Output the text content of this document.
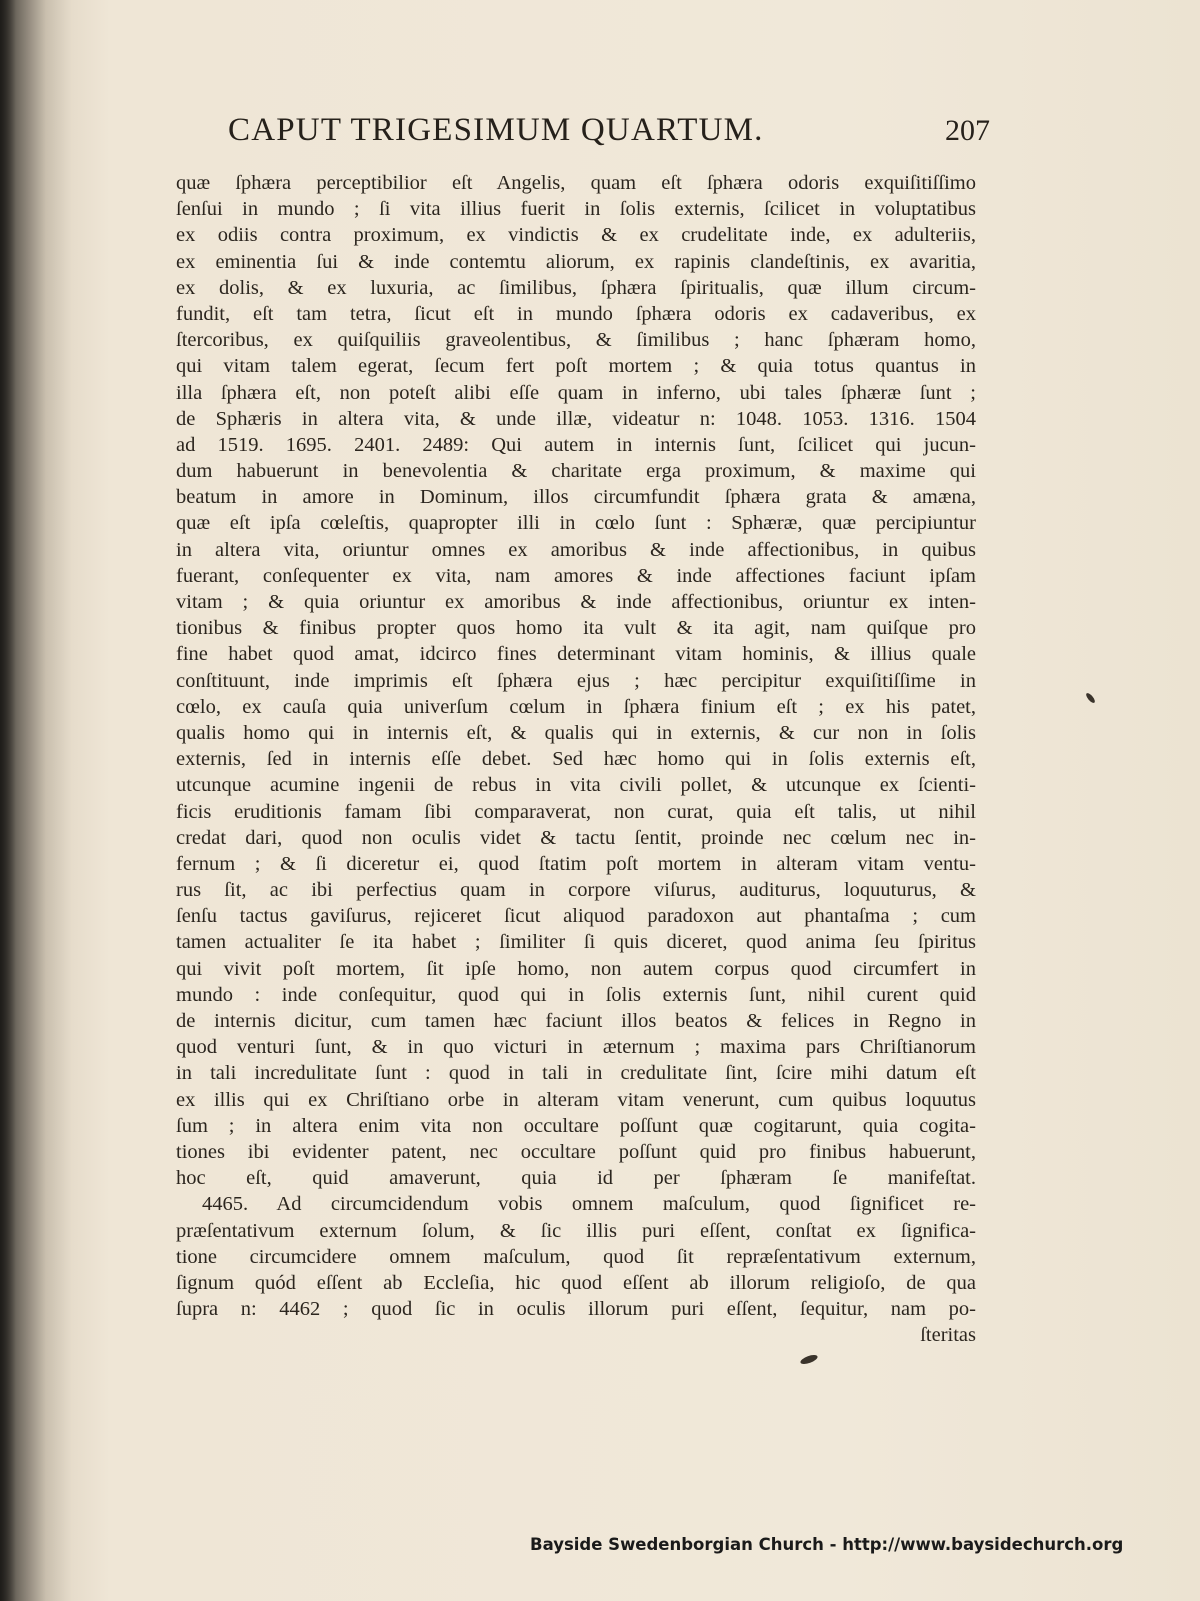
CAPUT TRIGESIMUM QUARTUM.	207
quæ ſphæra perceptibilior eſt Angelis, quam eſt ſphæra odoris exquiſitiſſimo
ſenſui in mundo ; ſi vita illius fuerit in ſolis externis, ſcilicet in voluptatibus
ex odiis contra proximum, ex vindictis & ex crudelitate inde, ex adulteriis,
ex eminentia ſui & inde contemtu aliorum, ex rapinis clandeſtinis, ex avaritia,
ex dolis, & ex luxuria, ac ſimilibus, ſphæra ſpiritualis, quæ illum circum-
fundit, eſt tam tetra, ſicut eſt in mundo ſphæra odoris ex cadaveribus, ex
ſtercoribus, ex quiſquiliis graveolentibus, & ſimilibus ; hanc ſphæram homo,
qui vitam talem egerat, ſecum fert poſt mortem ; & quia totus quantus in
illa ſphæra eſt, non poteſt alibi eſſe quam in inferno, ubi tales ſphæræ ſunt ;
de Sphæris in altera vita, & unde illæ, videatur n: 1048. 1053. 1316. 1504
ad 1519. 1695. 2401. 2489: Qui autem in internis ſunt, ſcilicet qui jucun-
dum habuerunt in benevolentia & charitate erga proximum, & maxime qui
beatum in amore in Dominum, illos circumfundit ſphæra grata & amæna,
quæ eſt ipſa cœleſtis, quapropter illi in cœlo ſunt : Sphæræ, quæ percipiuntur
in altera vita, oriuntur omnes ex amoribus & inde affectionibus, in quibus
fuerant, conſequenter ex vita, nam amores & inde affectiones faciunt ipſam
vitam ; & quia oriuntur ex amoribus & inde affectionibus, oriuntur ex inten-
tionibus & finibus propter quos homo ita vult & ita agit, nam quiſque pro
fine habet quod amat, idcirco fines determinant vitam hominis, & illius quale
conſtituunt, inde imprimis eſt ſphæra ejus ; hæc percipitur exquiſitiſſime in
cœlo, ex cauſa quia univerſum cœlum in ſphæra finium eſt ; ex his patet,
qualis homo qui in internis eſt, & qualis qui in externis, & cur non in ſolis
externis, ſed in internis eſſe debet. Sed hæc homo qui in ſolis externis eſt,
utcunque acumine ingenii de rebus in vita civili pollet, & utcunque ex ſcienti-
ficis eruditionis famam ſibi comparaverat, non curat, quia eſt talis, ut nihil
credat dari, quod non oculis videt & tactu ſentit, proinde nec cœlum nec in-
fernum ; & ſi diceretur ei, quod ſtatim poſt mortem in alteram vitam ventu-
rus ſit, ac ibi perfectius quam in corpore viſurus, auditurus, loquuturus, &
ſenſu tactus gaviſurus, rejiceret ſicut aliquod paradoxon aut phantaſma ; cum
tamen actualiter ſe ita habet ; ſimiliter ſi quis diceret, quod anima ſeu ſpiritus
qui vivit poſt mortem, ſit ipſe homo, non autem corpus quod circumfert in
mundo : inde conſequitur, quod qui in ſolis externis ſunt, nihil curent quid
de internis dicitur, cum tamen hæc faciunt illos beatos & felices in Regno in
quod venturi ſunt, & in quo victuri in æternum ; maxima pars Chriſtianorum
in tali incredulitate ſunt : quod in tali in credulitate ſint, ſcire mihi datum eſt
ex illis qui ex Chriſtiano orbe in alteram vitam venerunt, cum quibus loquutus
ſum ; in altera enim vita non occultare poſſunt quæ cogitarunt, quia cogita-
tiones ibi evidenter patent, nec occultare poſſunt quid pro finibus habuerunt,
hoc eſt, quid amaverunt, quia id per ſphæram ſe manifeſtat.
4465. Ad circumcidendum vobis omnem maſculum, quod ſignificet re-
præſentativum externum ſolum, & ſic illis puri eſſent, conſtat ex ſignifica-
tione circumcidere omnem maſculum, quod ſit repræſentativum externum,
ſignum quód eſſent ab Eccleſia, hic quod eſſent ab illorum religioſo, de qua
ſupra n: 4462 ; quod ſic in oculis illorum puri eſſent, ſequitur, nam po-
ſteritas
Bayside Swedenborgian Church - http://www.baysidechurch.org
